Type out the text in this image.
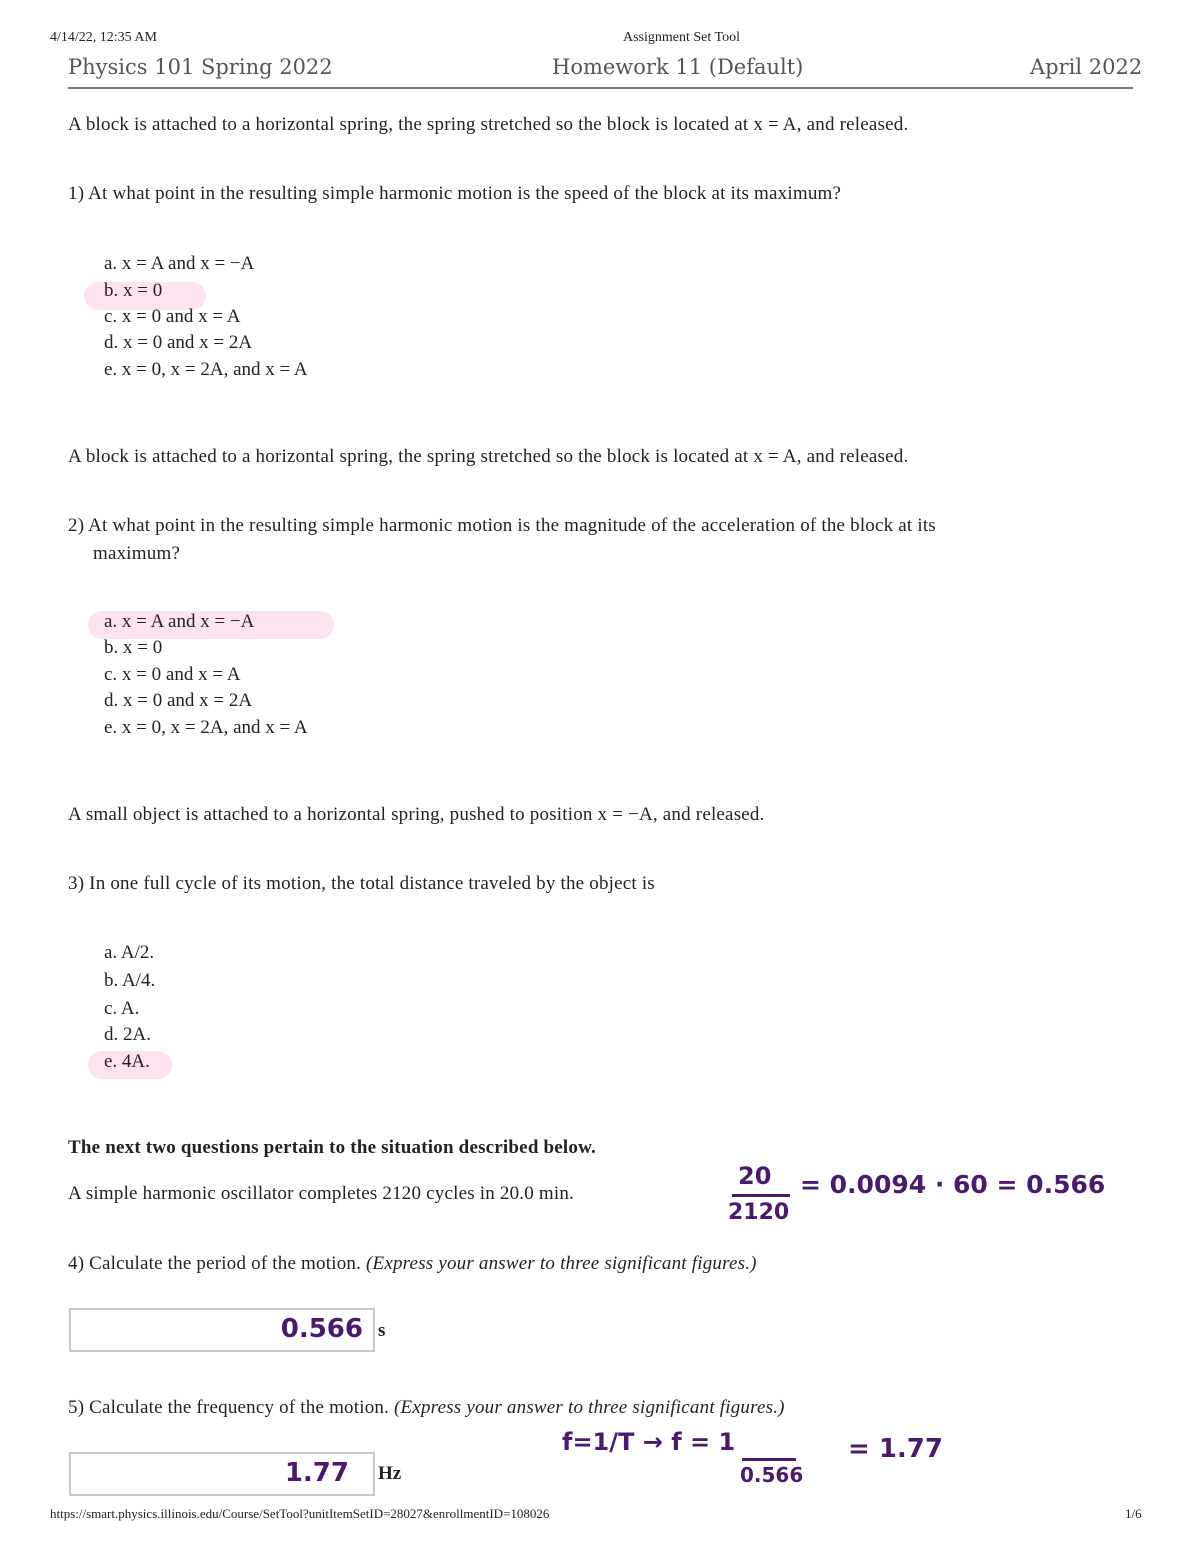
4/14/22, 12:35 AM	Assignment Set Tool
Physics 101 Spring 2022	Homework 11 (Default)	April 2022
A block is attached to a horizontal spring, the spring stretched so the block is located at x = A, and released.
1) At what point in the resulting simple harmonic motion is the speed of the block at its maximum?
a. x = A and x = −A
b. x = 0
c. x = 0 and x = A
d. x = 0 and x = 2A
e. x = 0, x = 2A, and x = A
A block is attached to a horizontal spring, the spring stretched so the block is located at x = A, and released.
2) At what point in the resulting simple harmonic motion is the magnitude of the acceleration of the block at its
maximum?
a. x = A and x = −A
b. x = 0
c. x = 0 and x = A
d. x = 0 and x = 2A
e. x = 0, x = 2A, and x = A
A small object is attached to a horizontal spring, pushed to position x = −A, and released.
3) In one full cycle of its motion, the total distance traveled by the object is
a. A/2.
b. A/4.
c. A.
d. 2A.
e. 4A.
The next two questions pertain to the situation described below.
A simple harmonic oscillator completes 2120 cycles in 20.0 min.
20
2120
= 0.0094 · 60 = 0.566
4) Calculate the period of the motion. (Express your answer to three significant figures.)
0.566 s
5) Calculate the frequency of the motion. (Express your answer to three significant figures.)
f=1/T → f = 1
0.566
= 1.77
1.77 Hz
https://smart.physics.illinois.edu/Course/SetTool?unitItemSetID=28027&enrollmentID=108026	1/6
